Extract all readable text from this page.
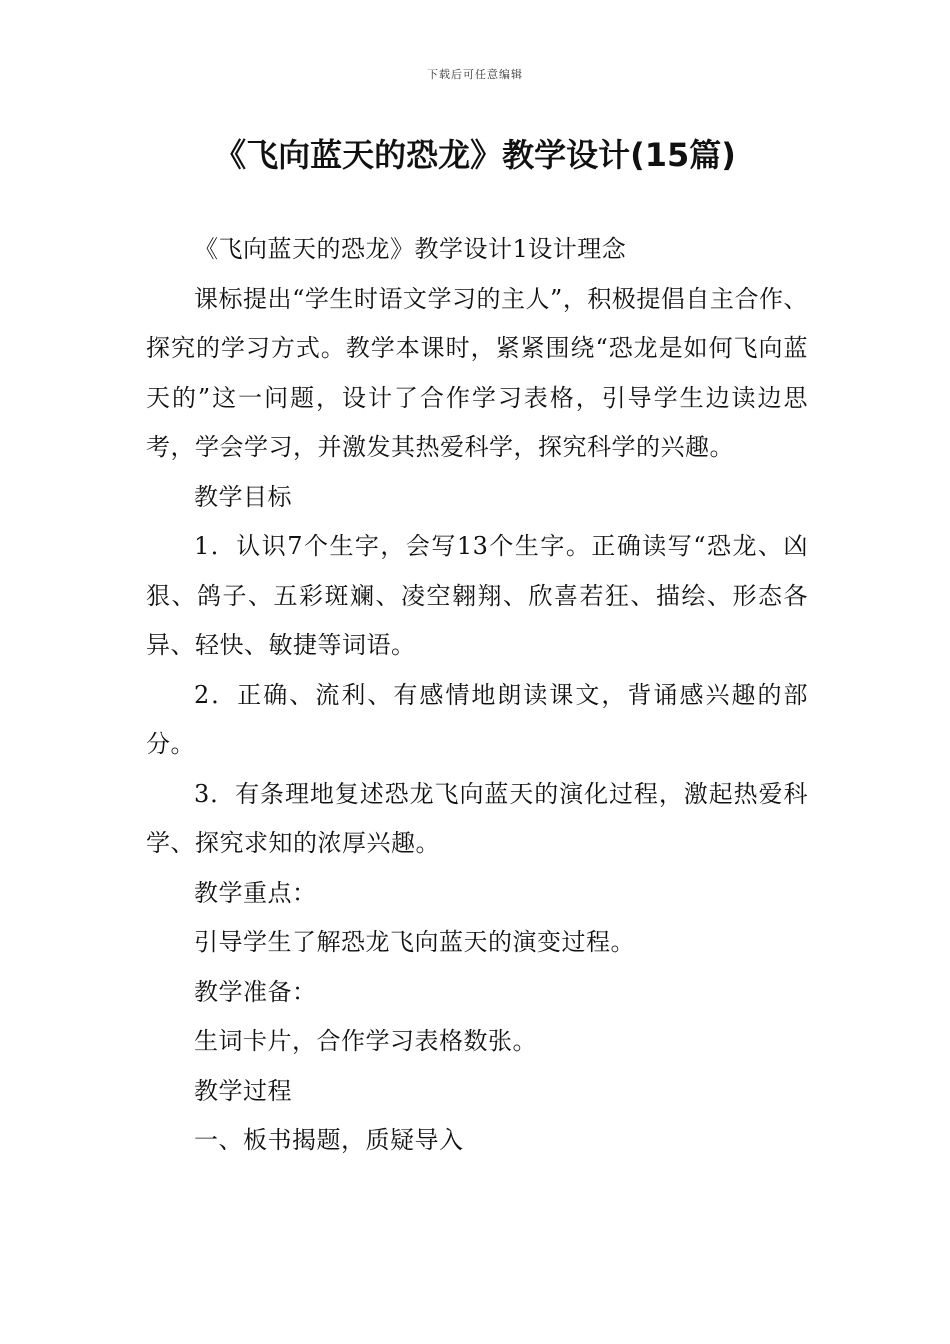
下载后可任意编辑
《飞向蓝天的恐龙》教学设计(15篇)

《飞向蓝天的恐龙》教学设计1设计理念

课标提出“学生时语文学习的主人”，积极提倡自主合作、探究的学习方式。教学本课时，紧紧围绕“恐龙是如何飞向蓝天的”这一问题，设计了合作学习表格，引导学生边读边思考，学会学习，并激发其热爱科学，探究科学的兴趣。

教学目标

1．认识7个生字，会写13个生字。正确读写“恐龙、凶狠、鸽子、五彩斑斓、凌空翱翔、欣喜若狂、描绘、形态各异、轻快、敏捷等词语。

2．正确、流利、有感情地朗读课文，背诵感兴趣的部分。

3．有条理地复述恐龙飞向蓝天的演化过程，激起热爱科学、探究求知的浓厚兴趣。

教学重点：

引导学生了解恐龙飞向蓝天的演变过程。

教学准备：

生词卡片，合作学习表格数张。

教学过程

一、板书揭题，质疑导入
